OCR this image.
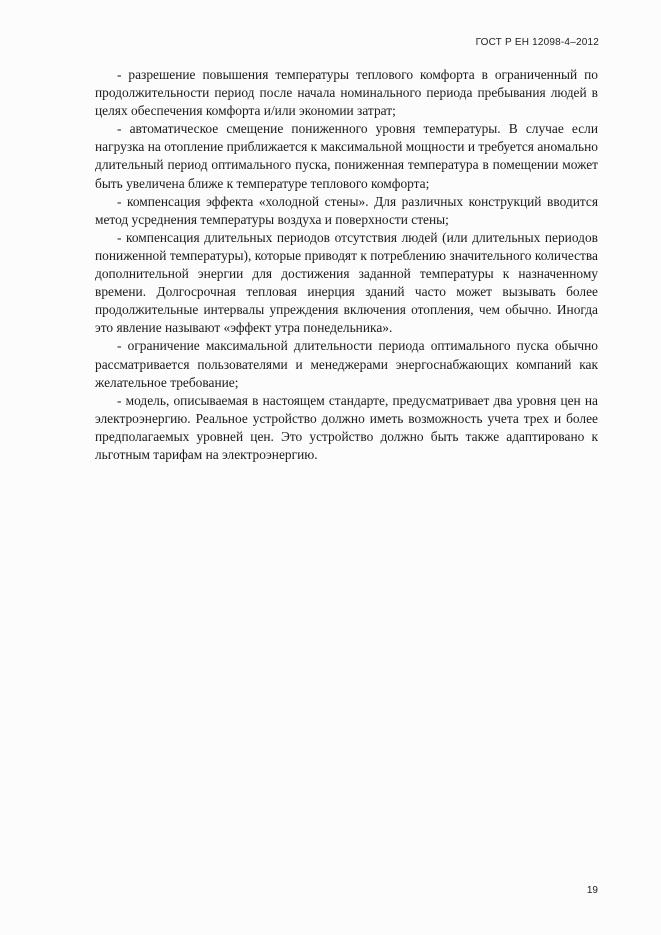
ГОСТ Р ЕН 12098-4–2012

- разрешение повышения температуры теплового комфорта в ограниченный по продолжительности период после начала номинального периода пребывания людей в целях обеспечения комфорта и/или экономии затрат;

- автоматическое смещение пониженного уровня температуры. В случае если нагрузка на отопление приближается к максимальной мощности и требуется аномально длительный период оптимального пуска, пониженная температура в помещении может быть увеличена ближе к температуре теплового комфорта;

- компенсация эффекта «холодной стены». Для различных конструкций вводится метод усреднения температуры воздуха и поверхности стены;

- компенсация длительных периодов отсутствия людей (или длительных периодов пониженной температуры), которые приводят к потреблению значительного количества дополнительной энергии для достижения заданной температуры к назначенному времени. Долгосрочная тепловая инерция зданий часто может вызывать более продолжительные интервалы упреждения включения отопления, чем обычно. Иногда это явление называют «эффект утра понедельника».

- ограничение максимальной длительности периода оптимального пуска обычно рассматривается пользователями и менеджерами энергоснабжающих компаний как желательное требование;

- модель, описываемая в настоящем стандарте, предусматривает два уровня цен на электроэнергию. Реальное устройство должно иметь возможность учета трех и более предполагаемых уровней цен. Это устройство должно быть также адаптировано к льготным тарифам на электроэнергию.

19
